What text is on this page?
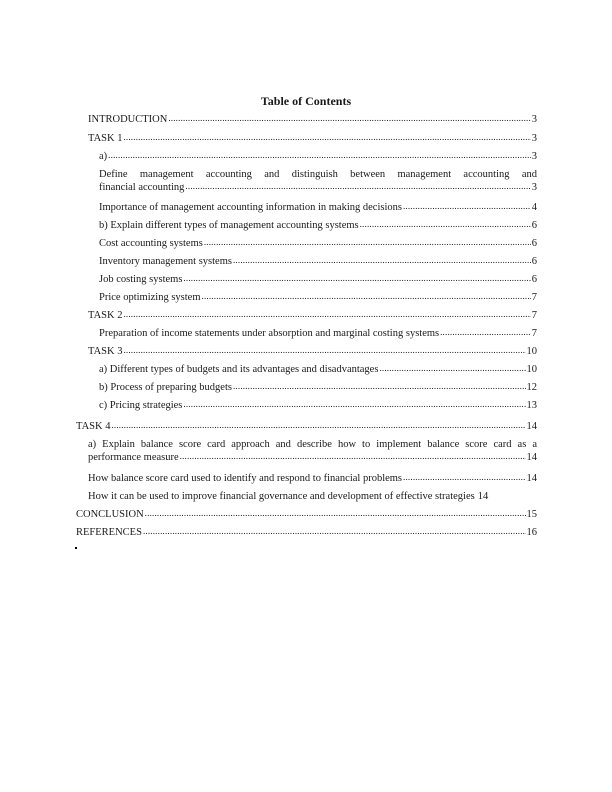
Table of Contents
INTRODUCTION .....	3
TASK 1 .....	3
a) .....	3
Define management accounting and distinguish between management accounting and
financial accounting .....	3
Importance of management accounting information in making decisions .....	4
b) Explain different types of management accounting systems .....	6
Cost accounting systems .....	6
Inventory management systems .....	6
Job costing systems .....	6
Price optimizing system .....	7
TASK 2 .....	7
Preparation of income statements under absorption and marginal costing systems .....	7
TASK 3 .....	10
a) Different types of budgets and its advantages and disadvantages .....	10
b) Process of preparing budgets .....	12
c) Pricing strategies .....	13
TASK 4 .....	14
a) Explain balance score card approach and describe how to implement balance score card as a
performance measure .....	14
How balance score card used to identify and respond to financial problems .....	14
How it can be used to improve financial governance and development of effective strategies 14
CONCLUSION .....	15
REFERENCES .....	16
